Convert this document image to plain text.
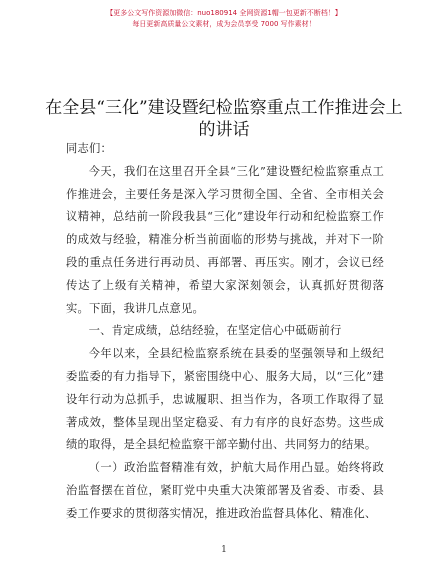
【更多公文写作资源加微信：nuo180914 全网资源1帽一包更新不断档！】
每日更新高质量公文素材，成为会员享受 7000 写作素材！
在全县“三化”建设暨纪检监察重点工作推进会上的讲话

同志们：

今天，我们在这里召开全县“三化”建设暨纪检监察重点工作推进会，主要任务是深入学习贯彻全国、全省、全市相关会议精神，总结前一阶段我县“三化”建设年行动和纪检监察工作的成效与经验，精准分析当前面临的形势与挑战，并对下一阶段的重点任务进行再动员、再部署、再压实。刚才，会议已经传达了上级有关精神，希望大家深刻领会，认真抓好贯彻落实。下面，我讲几点意见。

一、肯定成绩，总结经验，在坚定信心中砥砺前行

今年以来，全县纪检监察系统在县委的坚强领导和上级纪委监委的有力指导下，紧密围绕中心、服务大局，以“三化”建设年行动为总抓手，忠诚履职、担当作为，各项工作取得了显著成效，整体呈现出坚定稳妥、有力有序的良好态势。这些成绩的取得，是全县纪检监察干部辛勤付出、共同努力的结果。

（一）政治监督精准有效，护航大局作用凸显。始终将政治监督摆在首位，紧盯党中央重大决策部署及省委、市委、县委工作要求的贯彻落实情况，推进政治监督具体化、精准化、

1
